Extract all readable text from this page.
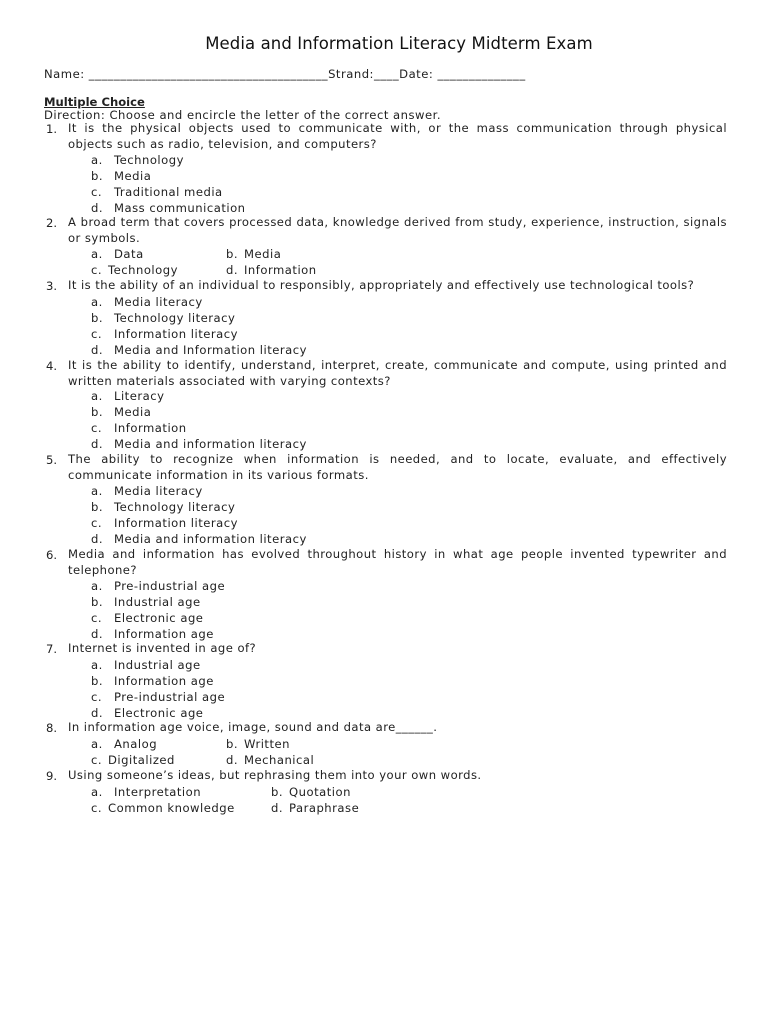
Media and Information Literacy Midterm Exam
Name: ______________________________________Strand:____Date: ______________
Multiple Choice
Direction: Choose and encircle the letter of the correct answer.
1. It is the physical objects used to communicate with, or the mass communication through physical objects such as radio, television, and computers?
a. Technology
b. Media
c. Traditional media
d. Mass communication
2. A broad term that covers processed data, knowledge derived from study, experience, instruction, signals or symbols.
a. Data	b. Media
c. Technology	d. Information
3. It is the ability of an individual to responsibly, appropriately and effectively use technological tools?
a. Media literacy
b. Technology literacy
c. Information literacy
d. Media and Information literacy
4. It is the ability to identify, understand, interpret, create, communicate and compute, using printed and written materials associated with varying contexts?
a. Literacy
b. Media
c. Information
d. Media and information literacy
5. The ability to recognize when information is needed, and to locate, evaluate, and effectively communicate information in its various formats.
a. Media literacy
b. Technology literacy
c. Information literacy
d. Media and information literacy
6. Media and information has evolved throughout history in what age people invented typewriter and telephone?
a. Pre-industrial age
b. Industrial age
c. Electronic age
d. Information age
7. Internet is invented in age of?
a. Industrial age
b. Information age
c. Pre-industrial age
d. Electronic age
8. In information age voice, image, sound and data are______.
a. Analog	b. Written
c. Digitalized	d. Mechanical
9. Using someone’s ideas, but rephrasing them into your own words.
a. Interpretation	b. Quotation
c. Common knowledge	d. Paraphrase
